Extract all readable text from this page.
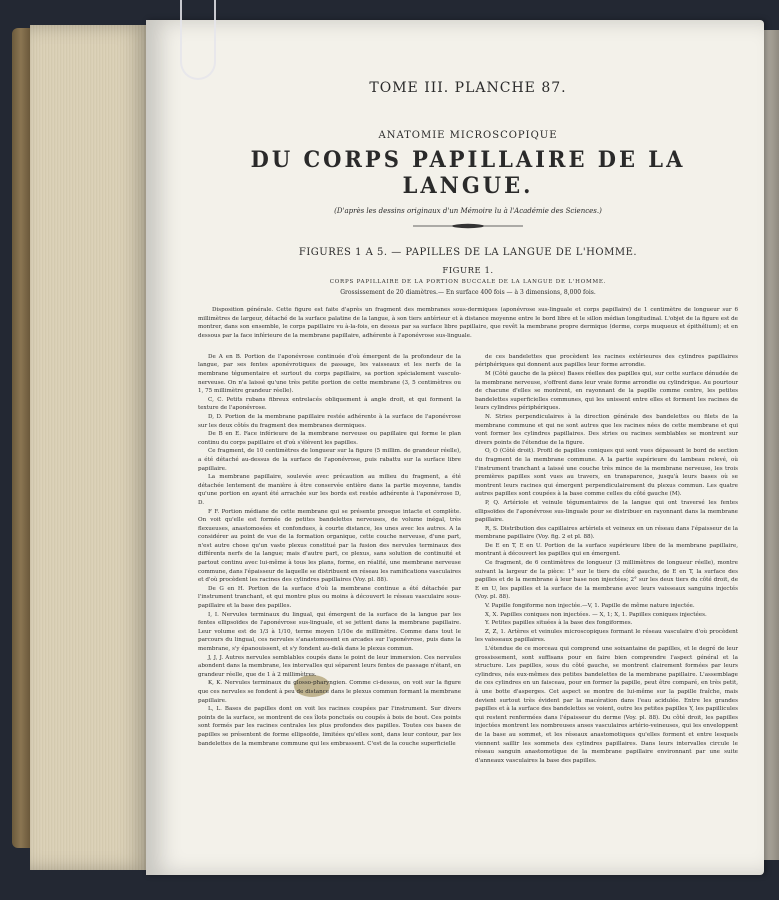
TOME III. PLANCHE 87.

ANATOMIE MICROSCOPIQUE

DU CORPS PAPILLAIRE DE LA LANGUE.

(D'après les dessins originaux d'un Mémoire lu à l'Académie des Sciences.)

FIGURES 1 A 5. — PAPILLES DE LA LANGUE DE L'HOMME.

FIGURE 1.

CORPS PAPILLAIRE DE LA PORTION BUCCALE DE LA LANGUE DE L'HOMME.

Grossissement de 20 diamètres.— En surface 400 fois — à 3 dimensions, 8,000 fois.

Disposition générale. Cette figure est faite d'après un fragment des membranes sous-dermiques (aponévrose sus-linguale et corps papillaire) de 1 centimètre de longueur sur 6 millimètres de largeur, détaché de la surface palatine de la langue, à son tiers antérieur et à distance moyenne entre le bord libre et le sillon médian longitudinal. L'objet de la figure est de montrer, dans son ensemble, le corps papillaire vu à-la-fois, en dessus par sa surface libre papillaire, que revêt la membrane propre dermique (derme, corps muqueux et épithélium); et en dessous par la face inférieure de la membrane papillaire, adhérente à l'aponévrose sus-linguale.

De A en B. Portion de l'aponévrose continuée d'où émergent de la profondeur de la langue, par ses fentes aponévrotiques de passage, les vaisseaux et les nerfs de la membrane tégumentaire et surtout du corps papillaire, sa portion spécialement vasculo-nerveuse. On n'a laissé qu'une très petite portion de cette membrane (3, 5 centimètres ou 1, 75 millimètre grandeur réelle).

C, C. Petits rubans fibreux entrelacés obliquement à angle droit, et qui forment la texture de l'aponévrose.

D, D. Portion de la membrane papillaire restée adhérente à la surface de l'aponévrose sur les deux côtés du fragment des membranes dermiques.

De B en E. Face inférieure de la membrane nerveuse ou papillaire qui forme le plan continu du corps papillaire et d'où s'élèvent les papilles.

Ce fragment, de 10 centimètres de longueur sur la figure (5 millim. de grandeur réelle), a été détaché au-dessus de la surface de l'aponévrose, puis rabattu sur la surface libre papillaire.

La membrane papillaire, soulevée avec précaution au milieu du fragment, a été détachée lentement de manière à être conservée entière dans la partie moyenne, tandis qu'une portion en ayant été arrachée sur les bords est restée adhérente à l'aponévrose D, D.

F F. Portion médiane de cette membrane qui se présente presque intacte et complète. On voit qu'elle est formée de petites bandelettes nerveuses, de volume inégal, très flexueuses, anastomosées et confondues, à courte distance, les unes avec les autres. A la considérer au point de vue de la formation organique, cette couche nerveuse, d'une part, n'est autre chose qu'un vaste plexus constitué par la fusion des nervules terminaux des différents nerfs de la langue; mais d'autre part, ce plexus, sans solution de continuité et partout continu avec lui-même à tous les plans, forme, en réalité, une membrane nerveuse commune, dans l'épaisseur de laquelle se distribuent en réseau les ramifications vasculaires et d'où procèdent les racines des cylindres papillaires (Voy. pl. 88).

De G en H. Portion de la surface d'où la membrane continue a été détachée par l'instrument tranchant, et qui montre plus ou moins à découvert le réseau vasculaire sous-papillaire et la base des papilles.

I, I. Nervules terminaux du lingual, qui émergent de la surface de la langue par les fentes ellipsoïdes de l'aponévrose sus-linguale, et se jettent dans la membrane papillaire. Leur volume est de 1/3 à 1/10, terme moyen 1/10e de millimètre. Comme dans tout le parcours du lingual, ces nervules s'anastomosent en arcades sur l'aponévrose, puis dans la membrane, s'y épanouissent, et s'y fondent au-delà dans le plexus commun.

J, J, J. Autres nervules semblables coupés dans le point de leur immersion. Ces nervules abondent dans la membrane, les intervalles qui séparent leurs fentes de passage n'étant, en grandeur réelle, que de 1 à 2 millimètres.

K, K. Nervules terminaux du glosso-pharyngien. Comme ci-dessus, on voit sur la figure que ces nervules se fondent à peu de distance dans le plexus commun formant la membrane papillaire.

L, L. Bases de papilles dont on voit les racines coupées par l'instrument. Sur divers points de la surface, se montrent de ces îlots ponctués ou coupés à bois de bout. Ces points sont formés par les racines centrales les plus profondes des papilles. Toutes ces bases de papilles se présentent de forme ellipsoïde, limitées qu'elles sont, dans leur contour, par les bandelettes de la membrane commune qui les embrassent. C'est de la couche superficielle

de ces bandelettes que procèdent les racines extérieures des cylindres papillaires périphériques qui donnent aux papilles leur forme arrondie.

M (Côté gauche de la pièce) Bases réelles des papilles qui, sur cette surface dénudée de la membrane nerveuse, s'offrent dans leur vraie forme arrondie ou cylindrique. Au pourtour de chacune d'elles se montrent, en rayonnant de la papille comme centre, les petites bandelettes superficielles communes, qui les unissent entre elles et forment les racines de leurs cylindres périphériques.

N. Stries perpendiculaires à la direction générale des bandelettes ou filets de la membrane commune et qui ne sont autres que les racines nées de cette membrane et qui vont former les cylindres papillaires. Des stries ou racines semblables se montrent sur divers points de l'étendue de la figure.

O, O (Côté droit). Profil de papilles coniques qui sont vues dépassant le bord de section du fragment de la membrane commune. A la partie supérieure du lambeau relevé, où l'instrument tranchant a laissé une couche très mince de la membrane nerveuse, les trois premières papilles sont vues au travers, en transparence, jusqu'à leurs bases où se montrent leurs racines qui émergent perpendiculairement du plexus commun. Les quatre autres papilles sont coupées à la base comme celles du côté gauche (M).

P, Q. Artériole et veinule tégumentaires de la langue qui ont traversé les fentes ellipsoïdes de l'aponévrose sus-linguale pour se distribuer en rayonnant dans la membrane papillaire.

R, S. Distribution des capillaires artériels et veineux en un réseau dans l'épaisseur de la membrane papillaire (Voy. fig. 2 et pl. 88).

De E en T, E en U. Portion de la surface supérieure libre de la membrane papillaire, montrant à découvert les papilles qui en émergent.

Ce fragment, de 6 centimètres de longueur (3 millimètres de longueur réelle), montre suivant la largeur de la pièce: 1° sur le tiers du côté gauche, de E en T, la surface des papilles et de la membrane à leur base non injectées; 2° sur les deux tiers du côté droit, de E en U, les papilles et la surface de la membrane avec leurs vaisseaux sanguins injectés (Voy. pl. 88).

V. Papille fongiforme non injectée.—V, 1. Papille de même nature injectée.

X, X. Papilles coniques non injectées. — X, 1; X, 1. Papilles coniques injectées.

Y. Petites papilles situées à la base des fongiformes.

Z, Z, 1. Artères et veinules microscopiques formant le réseau vasculaire d'où procèdent les vaisseaux papillaires.

L'étendue de ce morceau qui comprend une soixantaine de papilles, et le degré de leur grossissement, sont suffisans pour en faire bien comprendre l'aspect général et la structure. Les papilles, sous du côté gauche, se montrent clairement formées par leurs cylindres, nés eux-mêmes des petites bandelettes de la membrane papillaire. L'assemblage de ces cylindres en un faisceau, pour en former la papille, peut être comparé, en très petit, à une botte d'asperges. Cet aspect se montre de lui-même sur la papille fraîche, mais devient surtout très évident par la macération dans l'eau acidulée. Entre les grandes papilles et à la surface des bandelettes se voient, outre les petites papilles Y, les papillicules qui restent renfermées dans l'épaisseur du derme (Voy. pl. 88). Du côté droit, les papilles injectées montrent les nombreuses anses vasculaires artério-veineuses, qui les enveloppent de la base au sommet, et les réseaux anastomotiques qu'elles forment et entre lesquels viennent saillir les sommets des cylindres papillaires. Dans leurs intervalles circule le réseau sanguin anastomotique de la membrane papillaire environnant par une suite d'anneaux vasculaires la base des papilles.
